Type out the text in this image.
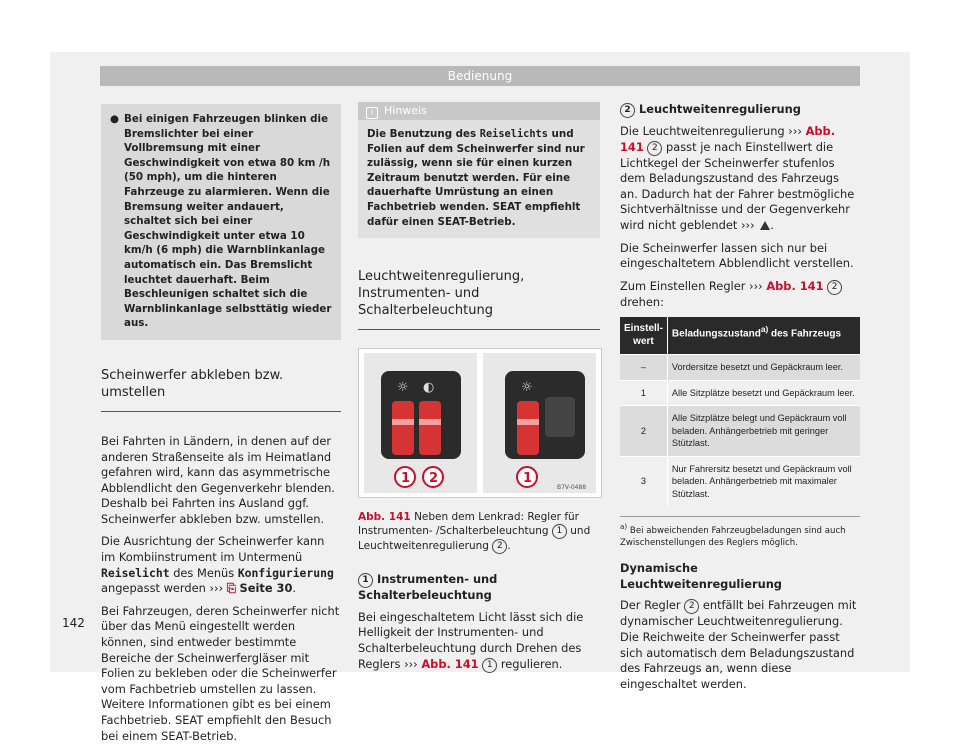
Bedienung
● Bei einigen Fahrzeugen blinken die Bremslichter bei einer Vollbremsung mit einer Geschwindigkeit von etwa 80 km /h (50 mph), um die hinteren Fahrzeuge zu alarmieren. Wenn die Bremsung weiter andauert, schaltet sich bei einer Geschwindigkeit unter etwa 10 km/h (6 mph) die Warnblinkanlage automatisch ein. Das Bremslicht leuchtet dauerhaft. Beim Beschleunigen schaltet sich die Warnblinkanlage selbsttätig wieder aus.
Scheinwerfer abkleben bzw. umstellen

Bei Fahrten in Ländern, in denen auf der anderen Straßenseite als im Heimatland gefahren wird, kann das asymmetrische Abblendlicht den Gegenverkehr blenden. Deshalb bei Fahrten ins Ausland ggf. Scheinwerfer abkleben bzw. umstellen.

Die Ausrichtung der Scheinwerfer kann im Kombiinstrument im Untermenü Reiselicht des Menüs Konfigurierung angepasst werden ››› ⎘ Seite 30.

Bei Fahrzeugen, deren Scheinwerfer nicht über das Menü eingestellt werden können, sind entweder bestimmte Bereiche der Scheinwerfergläser mit Folien zu bekleben oder die Scheinwerfer vom Fachbetrieb umstellen zu lassen. Weitere Informationen gibt es bei einem Fachbetrieb. SEAT empfiehlt den Besuch bei einem SEAT-Betrieb.

i Hinweis
Die Benutzung des Reiselichts und Folien auf dem Scheinwerfer sind nur zulässig, wenn sie für einen kurzen Zeitraum benutzt werden. Für eine dauerhafte Umrüstung an einen Fachbetrieb wenden. SEAT empfiehlt dafür einen SEAT-Betrieb.
Leuchtweitenregulierung, Instrumenten- und Schalterbeleuchtung
☼ ◐	☼
1 2	1
B7V-0488
Abb. 141 Neben dem Lenkrad: Regler für Instrumenten- /Schalterbeleuchtung 1 und Leuchtweitenregulierung 2 .
1 Instrumenten- und Schalterbeleuchtung

Bei eingeschaltetem Licht lässt sich die Helligkeit der Instrumenten- und Schalterbeleuchtung durch Drehen des Reglers ››› Abb. 141 1 regulieren.

2 Leuchtweitenregulierung

Die Leuchtweitenregulierung ››› Abb. 141 2 passt je nach Einstellwert die Lichtkegel der Scheinwerfer stufenlos dem Beladungszustand des Fahrzeugs an. Dadurch hat der Fahrer bestmögliche Sichtverhältnisse und der Gegenverkehr wird nicht geblendet ››› .

Die Scheinwerfer lassen sich nur bei eingeschaltetem Abblendlicht verstellen.

Zum Einstellen Regler ››› Abb. 141 2 drehen:

Einstell-wert	Beladungszustand$^{a)}$ des Fahrzeugs
–	Vordersitze besetzt und Gepäckraum leer.
1	Alle Sitzplätze besetzt und Gepäckraum leer.
2	Alle Sitzplätze belegt und Gepäckraum voll beladen. Anhängerbetrieb mit geringer Stützlast.
3	Nur Fahrersitz besetzt und Gepäckraum voll beladen. Anhängerbetrieb mit maximaler Stützlast.
$^{a)}$ Bei abweichenden Fahrzeugbeladungen sind auch Zwischenstellungen des Reglers möglich.
Dynamische Leuchtweitenregulierung

Der Regler 2 entfällt bei Fahrzeugen mit dynamischer Leuchtweitenregulierung. Die Reichweite der Scheinwerfer passt sich automatisch dem Beladungszustand des Fahrzeugs an, wenn diese eingeschaltet werden.

142
